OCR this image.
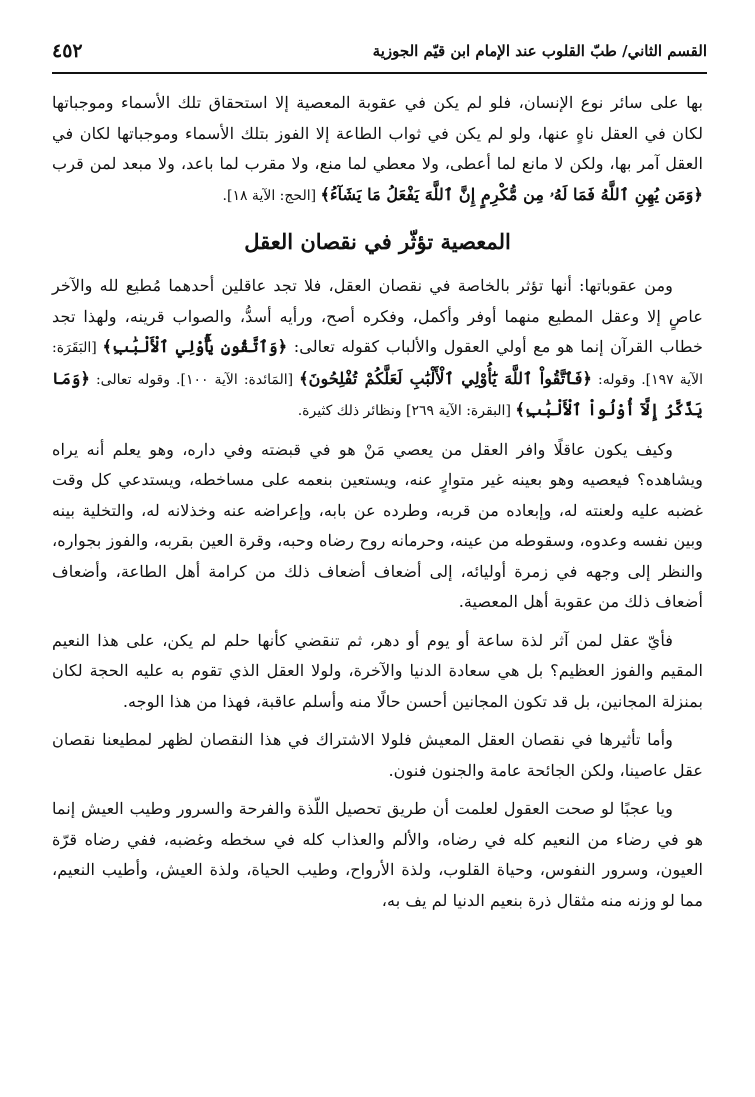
القسم الثاني/ طبّ القلوب عند الإمام ابن قيّم الجوزية
٤٥٢

بها على سائر نوع الإنسان، فلو لم يكن في عقوبة المعصية إلا استحقاق تلك الأسماء وموجباتها لكان في العقل ناهٍ عنها، ولو لم يكن في ثواب الطاعة إلا الفوز بتلك الأسماء وموجباتها لكان في العقل آمر بها، ولكن لا مانع لما أعطى، ولا معطي لما منع، ولا مقرب لما باعد، ولا مبعد لمن قرب ﴿وَمَن يُهِنِ ٱللَّهُ فَمَا لَهُۥ مِن مُّكْرِمٍ إِنَّ ٱللَّهَ يَفْعَلُ مَا يَشَآءُ﴾ [الحج: الآية ١٨].

المعصية تؤثّر في نقصان العقل

ومن عقوباتها: أنها تؤثر بالخاصة في نقصان العقل، فلا تجد عاقلين أحدهما مُطيع لله والآخر عاصٍ إلا وعقل المطيع منهما أوفر وأكمل، وفكره أصح، ورأيه أسدُّ، والصواب قرينه، ولهذا تجد خطاب القرآن إنما هو مع أولي العقول والألباب كقوله تعالى: ﴿وَٱتَّقُونِ يَٰٓأُوْلِي ٱلْأَلْبَٰبِ﴾ [البَقَرَة: الآية ١٩٧]. وقوله: ﴿فَٱتَّقُواْ ٱللَّهَ يَٰٓأُوْلِي ٱلْأَلْبَٰبِ لَعَلَّكُمْ تُفْلِحُونَ﴾ [المَائدة: الآية ١٠٠]. وقوله تعالى: ﴿وَمَا يَذَّكَّرُ إِلَّآ أُوْلُواْ ٱلْأَلْبَٰبِ﴾ [البقرة: الآية ٢٦٩] ونظائر ذلك كثيرة.

وكيف يكون عاقلًا وافر العقل من يعصي مَنْ هو في قبضته وفي داره، وهو يعلم أنه يراه ويشاهده؟ فيعصيه وهو بعينه غير متوارٍ عنه، ويستعين بنعمه على مساخطه، ويستدعي كل وقت غضبه عليه ولعنته له، وإبعاده من قربه، وطرده عن بابه، وإعراضه عنه وخذلانه له، والتخلية بينه وبين نفسه وعدوه، وسقوطه من عينه، وحرمانه روح رضاه وحبه، وقرة العين بقربه، والفوز بجواره، والنظر إلى وجهه في زمرة أوليائه، إلى أضعاف أضعاف ذلك من كرامة أهل الطاعة، وأضعاف أضعاف ذلك من عقوبة أهل المعصية.

فأيّ عقل لمن آثر لذة ساعة أو يوم أو دهر، ثم تنقضي كأنها حلم لم يكن، على هذا النعيم المقيم والفوز العظيم؟ بل هي سعادة الدنيا والآخرة، ولولا العقل الذي تقوم به عليه الحجة لكان بمنزلة المجانين، بل قد تكون المجانين أحسن حالًا منه وأسلم عاقبة، فهذا من هذا الوجه.

وأما تأثيرها في نقصان العقل المعيش فلولا الاشتراك في هذا النقصان لظهر لمطيعنا نقصان عقل عاصينا، ولكن الجائحة عامة والجنون فنون.

ويا عجبًا لو صحت العقول لعلمت أن طريق تحصيل اللّذة والفرحة والسرور وطيب العيش إنما هو في رضاء من النعيم كله في رضاه، والألم والعذاب كله في سخطه وغضبه، ففي رضاه قرّة العيون، وسرور النفوس، وحياة القلوب، ولذة الأرواح، وطيب الحياة، ولذة العيش، وأطيب النعيم، مما لو وزنه منه مثقال ذرة بنعيم الدنيا لم يف به،
